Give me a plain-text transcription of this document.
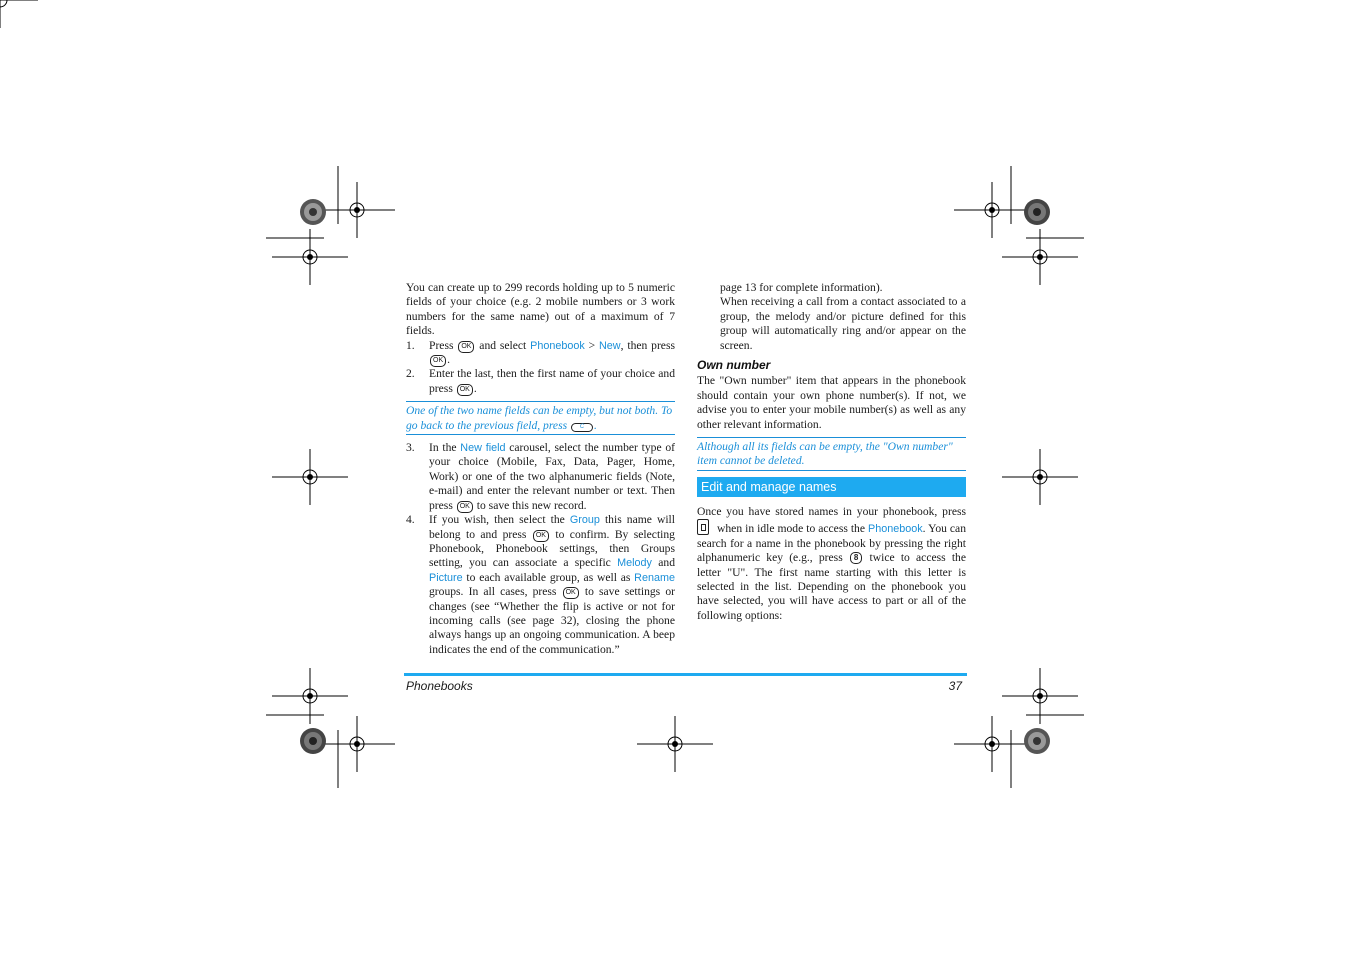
You can create up to 299 records holding up to 5 numeric fields of your choice (e.g. 2 mobile numbers or 3 work numbers for the same name) out of a maximum of 7 fields.

1. Press OK and select Phonebook > New, then press OK .
2. Enter the last, then the first name of your choice and press OK .
One of the two name fields can be empty, but not both. To go back to the previous field, press C .
3. In the New field carousel, select the number type of your choice (Mobile, Fax, Data, Pager, Home, Work) or one of the two alphanumeric fields (Note, e-mail) and enter the relevant number or text. Then press OK to save this new record.
4. If you wish, then select the Group this name will belong to and press OK to confirm. By selecting Phonebook, Phonebook settings, then Groups setting, you can associate a specific Melody and Picture to each available group, as well as Rename groups. In all cases, press OK to save settings or changes (see “Whether the flip is active or not for incoming calls (see page 32), closing the phone always hangs up an ongoing communication. A beep indicates the end of the communication.”

page 13 for complete information).

When receiving a call from a contact associated to a group, the melody and/or picture defined for this group will automatically ring and/or appear on the screen.

Own number

The "Own number" item that appears in the phonebook should contain your own phone number(s). If not, we advise you to enter your mobile number(s) as well as any other relevant information.

Although all its fields can be empty, the "Own number" item cannot be deleted.
Edit and manage names

Once you have stored names in your phonebook, press when in idle mode to access the Phonebook. You can search for a name in the phonebook by pressing the right alphanumeric key (e.g., press 8 twice to access the letter "U". The first name starting with this letter is selected in the list. Depending on the phonebook you have selected, you will have access to part or all of the following options:

Phonebooks	37
